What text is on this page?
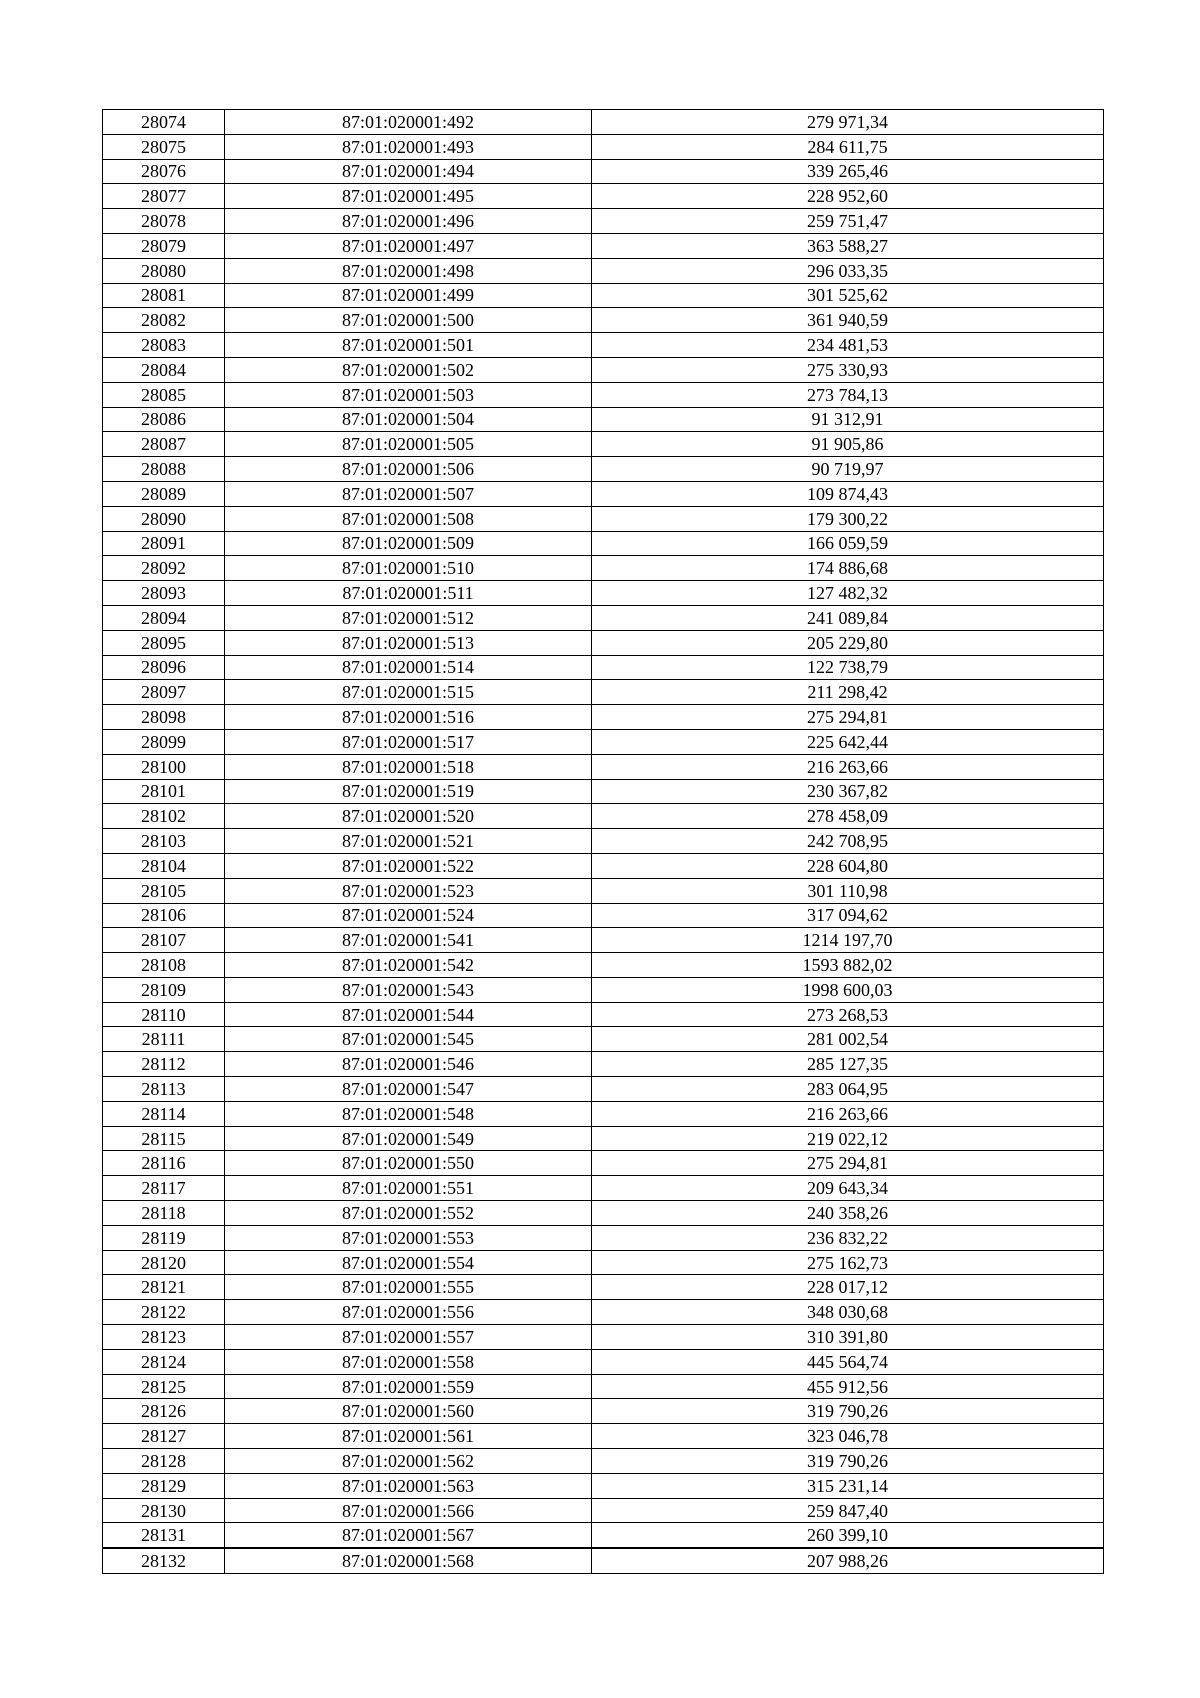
28074	87:01:020001:492	279 971,34
28075	87:01:020001:493	284 611,75
28076	87:01:020001:494	339 265,46
28077	87:01:020001:495	228 952,60
28078	87:01:020001:496	259 751,47
28079	87:01:020001:497	363 588,27
28080	87:01:020001:498	296 033,35
28081	87:01:020001:499	301 525,62
28082	87:01:020001:500	361 940,59
28083	87:01:020001:501	234 481,53
28084	87:01:020001:502	275 330,93
28085	87:01:020001:503	273 784,13
28086	87:01:020001:504	91 312,91
28087	87:01:020001:505	91 905,86
28088	87:01:020001:506	90 719,97
28089	87:01:020001:507	109 874,43
28090	87:01:020001:508	179 300,22
28091	87:01:020001:509	166 059,59
28092	87:01:020001:510	174 886,68
28093	87:01:020001:511	127 482,32
28094	87:01:020001:512	241 089,84
28095	87:01:020001:513	205 229,80
28096	87:01:020001:514	122 738,79
28097	87:01:020001:515	211 298,42
28098	87:01:020001:516	275 294,81
28099	87:01:020001:517	225 642,44
28100	87:01:020001:518	216 263,66
28101	87:01:020001:519	230 367,82
28102	87:01:020001:520	278 458,09
28103	87:01:020001:521	242 708,95
28104	87:01:020001:522	228 604,80
28105	87:01:020001:523	301 110,98
28106	87:01:020001:524	317 094,62
28107	87:01:020001:541	1214 197,70
28108	87:01:020001:542	1593 882,02
28109	87:01:020001:543	1998 600,03
28110	87:01:020001:544	273 268,53
28111	87:01:020001:545	281 002,54
28112	87:01:020001:546	285 127,35
28113	87:01:020001:547	283 064,95
28114	87:01:020001:548	216 263,66
28115	87:01:020001:549	219 022,12
28116	87:01:020001:550	275 294,81
28117	87:01:020001:551	209 643,34
28118	87:01:020001:552	240 358,26
28119	87:01:020001:553	236 832,22
28120	87:01:020001:554	275 162,73
28121	87:01:020001:555	228 017,12
28122	87:01:020001:556	348 030,68
28123	87:01:020001:557	310 391,80
28124	87:01:020001:558	445 564,74
28125	87:01:020001:559	455 912,56
28126	87:01:020001:560	319 790,26
28127	87:01:020001:561	323 046,78
28128	87:01:020001:562	319 790,26
28129	87:01:020001:563	315 231,14
28130	87:01:020001:566	259 847,40
28131	87:01:020001:567	260 399,10
28132	87:01:020001:568	207 988,26
